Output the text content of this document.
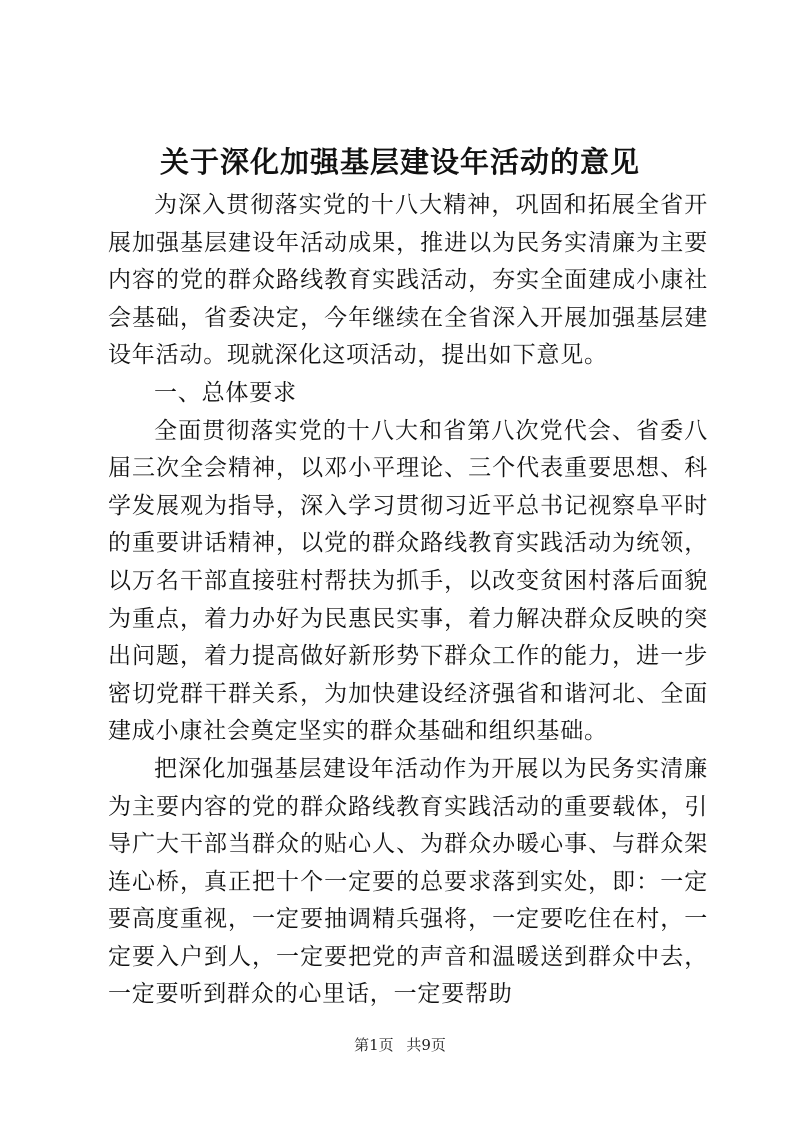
关于深化加强基层建设年活动的意见

为深入贯彻落实党的十八大精神，巩固和拓展全省开展加强基层建设年活动成果，推进以为民务实清廉为主要内容的党的群众路线教育实践活动，夯实全面建成小康社会基础，省委决定，今年继续在全省深入开展加强基层建设年活动。现就深化这项活动，提出如下意见。

一、总体要求

全面贯彻落实党的十八大和省第八次党代会、省委八届三次全会精神，以邓小平理论、三个代表重要思想、科学发展观为指导，深入学习贯彻习近平总书记视察阜平时的重要讲话精神，以党的群众路线教育实践活动为统领，以万名干部直接驻村帮扶为抓手，以改变贫困村落后面貌为重点，着力办好为民惠民实事，着力解决群众反映的突出问题，着力提高做好新形势下群众工作的能力，进一步密切党群干群关系，为加快建设经济强省和谐河北、全面建成小康社会奠定坚实的群众基础和组织基础。

把深化加强基层建设年活动作为开展以为民务实清廉为主要内容的党的群众路线教育实践活动的重要载体，引导广大干部当群众的贴心人、为群众办暖心事、与群众架连心桥，真正把十个一定要的总要求落到实处，即：一定要高度重视，一定要抽调精兵强将，一定要吃住在村，一定要入户到人，一定要把党的声音和温暖送到群众中去，一定要听到群众的心里话，一定要帮助

第1页 共9页
